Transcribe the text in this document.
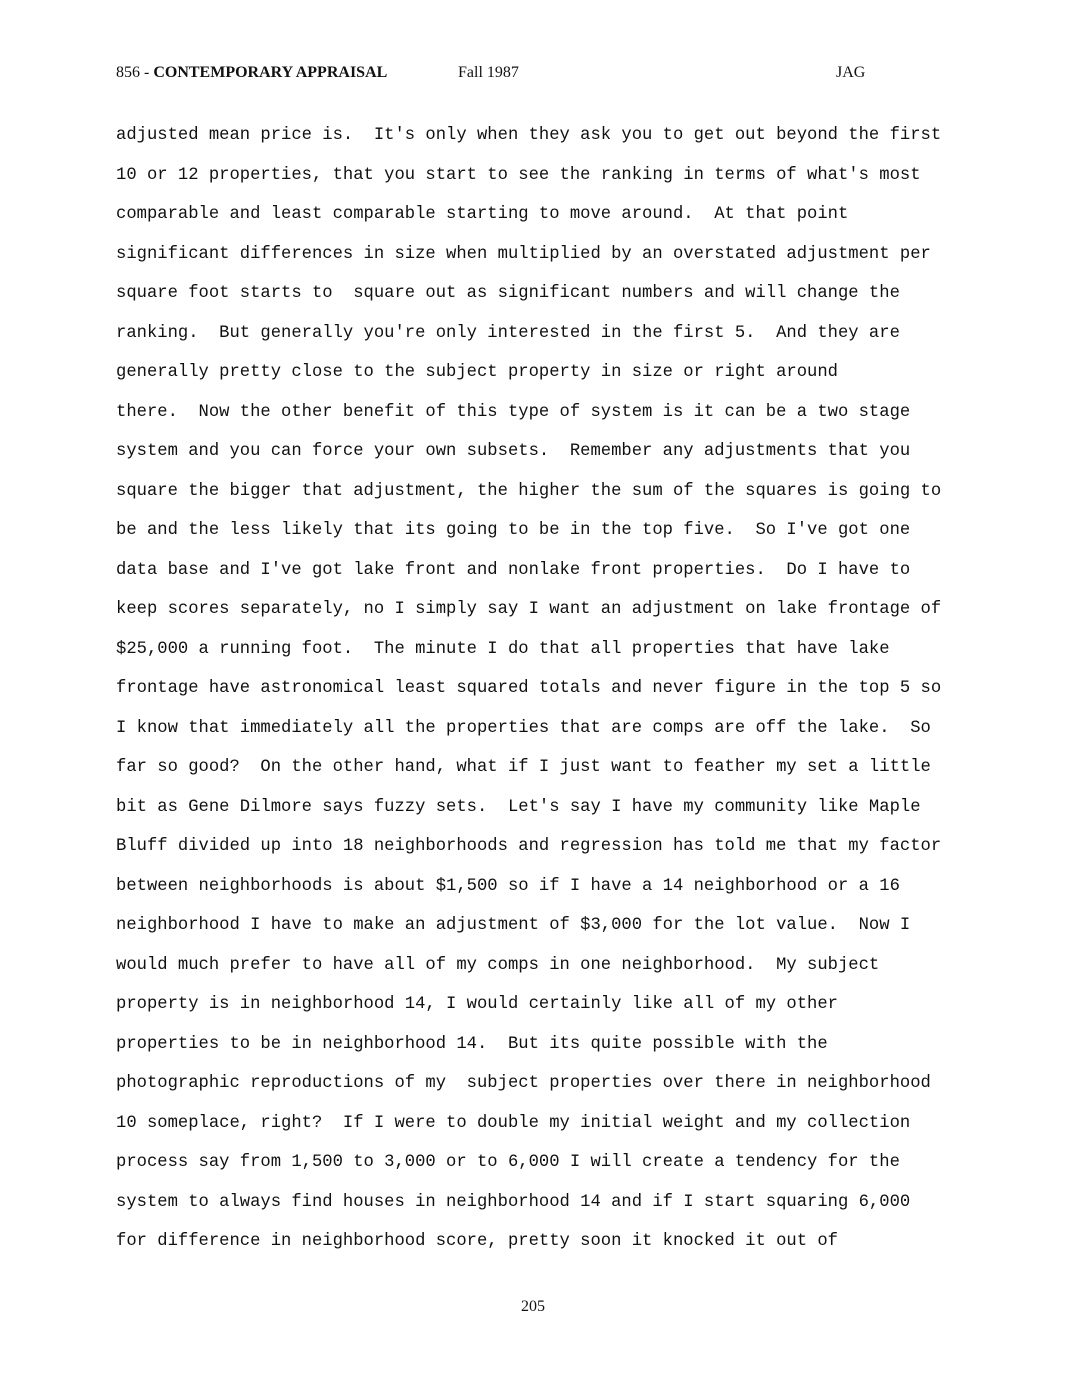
856 - CONTEMPORARY APPRAISAL	Fall 1987	JAG
adjusted mean price is.  It's only when they ask you to get out beyond the first
10 or 12 properties, that you start to see the ranking in terms of what's most
comparable and least comparable starting to move around.  At that point
significant differences in size when multiplied by an overstated adjustment per
square foot starts to  square out as significant numbers and will change the
ranking.  But generally you're only interested in the first 5.  And they are
generally pretty close to the subject property in size or right around
there.  Now the other benefit of this type of system is it can be a two stage
system and you can force your own subsets.  Remember any adjustments that you
square the bigger that adjustment, the higher the sum of the squares is going to
be and the less likely that its going to be in the top five.  So I've got one
data base and I've got lake front and nonlake front properties.  Do I have to
keep scores separately, no I simply say I want an adjustment on lake frontage of
$25,000 a running foot.  The minute I do that all properties that have lake
frontage have astronomical least squared totals and never figure in the top 5 so
I know that immediately all the properties that are comps are off the lake.  So
far so good?  On the other hand, what if I just want to feather my set a little
bit as Gene Dilmore says fuzzy sets.  Let's say I have my community like Maple
Bluff divided up into 18 neighborhoods and regression has told me that my factor
between neighborhoods is about $1,500 so if I have a 14 neighborhood or a 16
neighborhood I have to make an adjustment of $3,000 for the lot value.  Now I
would much prefer to have all of my comps in one neighborhood.  My subject
property is in neighborhood 14, I would certainly like all of my other
properties to be in neighborhood 14.  But its quite possible with the
photographic reproductions of my  subject properties over there in neighborhood
10 someplace, right?  If I were to double my initial weight and my collection
process say from 1,500 to 3,000 or to 6,000 I will create a tendency for the
system to always find houses in neighborhood 14 and if I start squaring 6,000
for difference in neighborhood score, pretty soon it knocked it out of
205
